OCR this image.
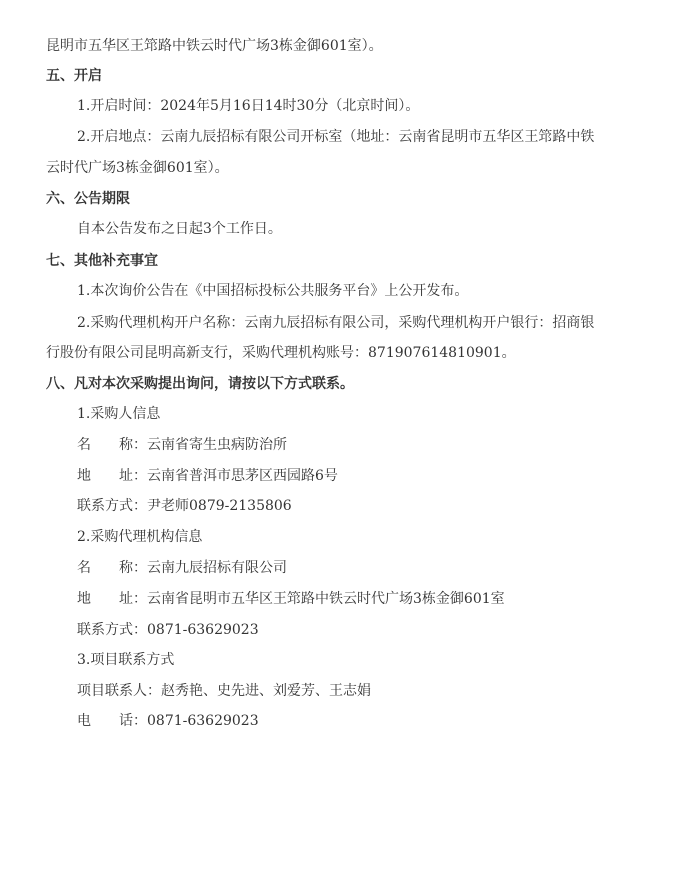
昆明市五华区王筇路中铁云时代广场3栋金御601室）。
五、开启
1.开启时间：2024年5月16日14时30分（北京时间）。
2.开启地点：云南九辰招标有限公司开标室（地址：云南省昆明市五华区王筇路中铁
云时代广场3栋金御601室）。
六、公告期限
自本公告发布之日起3个工作日。
七、其他补充事宜
1.本次询价公告在《中国招标投标公共服务平台》上公开发布。
2.采购代理机构开户名称：云南九辰招标有限公司，采购代理机构开户银行：招商银
行股份有限公司昆明高新支行，采购代理机构账号：871907614810901。
八、凡对本次采购提出询问，请按以下方式联系。
1.采购人信息
名　　称：云南省寄生虫病防治所
地　　址：云南省普洱市思茅区西园路6号
联系方式：尹老师0879-2135806
2.采购代理机构信息
名　　称：云南九辰招标有限公司
地　　址：云南省昆明市五华区王筇路中铁云时代广场3栋金御601室
联系方式：0871-63629023
3.项目联系方式
项目联系人：赵秀艳、史先进、刘爱芳、王志娟
电　　话：0871-63629023
